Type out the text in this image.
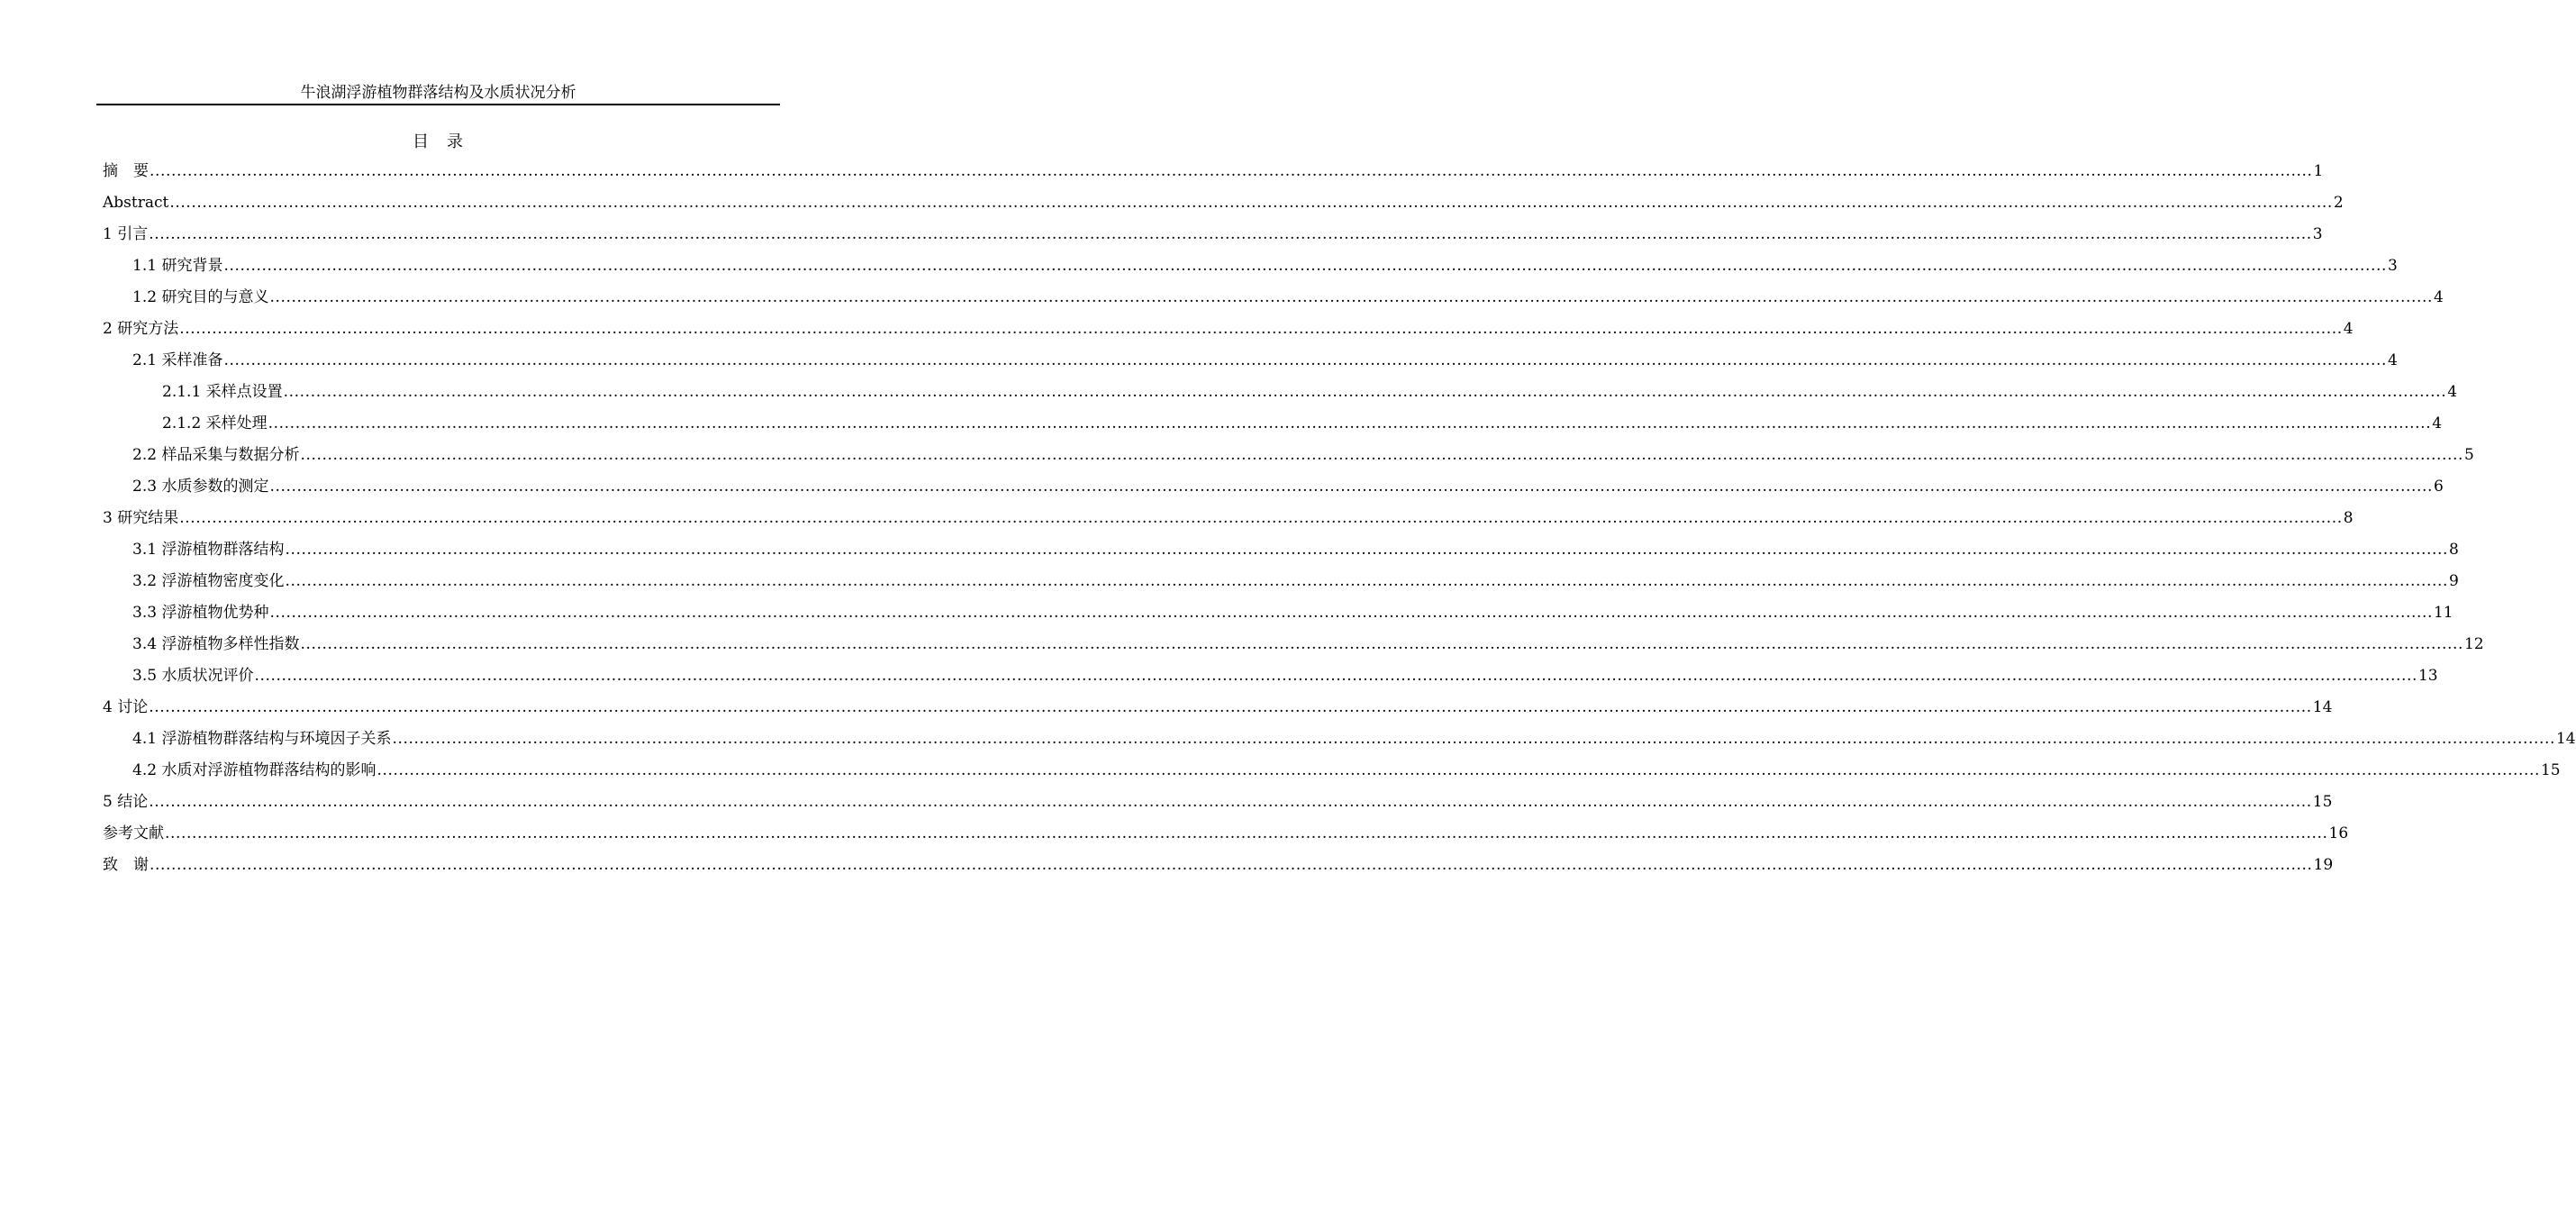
牛浪湖浮游植物群落结构及水质状况分析
目　录
摘　要 ................................................................................................................................................................................................................................................................................................................................................................................................................ 1
Abstract ................................................................................................................................................................................................................................................................................................................................................................................................................ 2
1 引言 ................................................................................................................................................................................................................................................................................................................................................................................................................ 3
1.1 研究背景 ................................................................................................................................................................................................................................................................................................................................................................................................................ 3
1.2 研究目的与意义 ................................................................................................................................................................................................................................................................................................................................................................................................................ 4
2 研究方法 ................................................................................................................................................................................................................................................................................................................................................................................................................ 4
2.1 采样准备 ................................................................................................................................................................................................................................................................................................................................................................................................................ 4
2.1.1 采样点设置 ................................................................................................................................................................................................................................................................................................................................................................................................................ 4
2.1.2 采样处理 ................................................................................................................................................................................................................................................................................................................................................................................................................ 4
2.2 样品采集与数据分析 ................................................................................................................................................................................................................................................................................................................................................................................................................ 5
2.3 水质参数的测定 ................................................................................................................................................................................................................................................................................................................................................................................................................ 6
3 研究结果 ................................................................................................................................................................................................................................................................................................................................................................................................................ 8
3.1 浮游植物群落结构 ................................................................................................................................................................................................................................................................................................................................................................................................................ 8
3.2 浮游植物密度变化 ................................................................................................................................................................................................................................................................................................................................................................................................................ 9
3.3 浮游植物优势种 ................................................................................................................................................................................................................................................................................................................................................................................................................ 11
3.4 浮游植物多样性指数 ................................................................................................................................................................................................................................................................................................................................................................................................................ 12
3.5 水质状况评价 ................................................................................................................................................................................................................................................................................................................................................................................................................ 13
4 讨论 ................................................................................................................................................................................................................................................................................................................................................................................................................ 14
4.1 浮游植物群落结构与环境因子关系 ................................................................................................................................................................................................................................................................................................................................................................................................................ 14
4.2 水质对浮游植物群落结构的影响 ................................................................................................................................................................................................................................................................................................................................................................................................................ 15
5 结论 ................................................................................................................................................................................................................................................................................................................................................................................................................ 15
参考文献 ................................................................................................................................................................................................................................................................................................................................................................................................................ 16
致　谢 ................................................................................................................................................................................................................................................................................................................................................................................................................ 19
